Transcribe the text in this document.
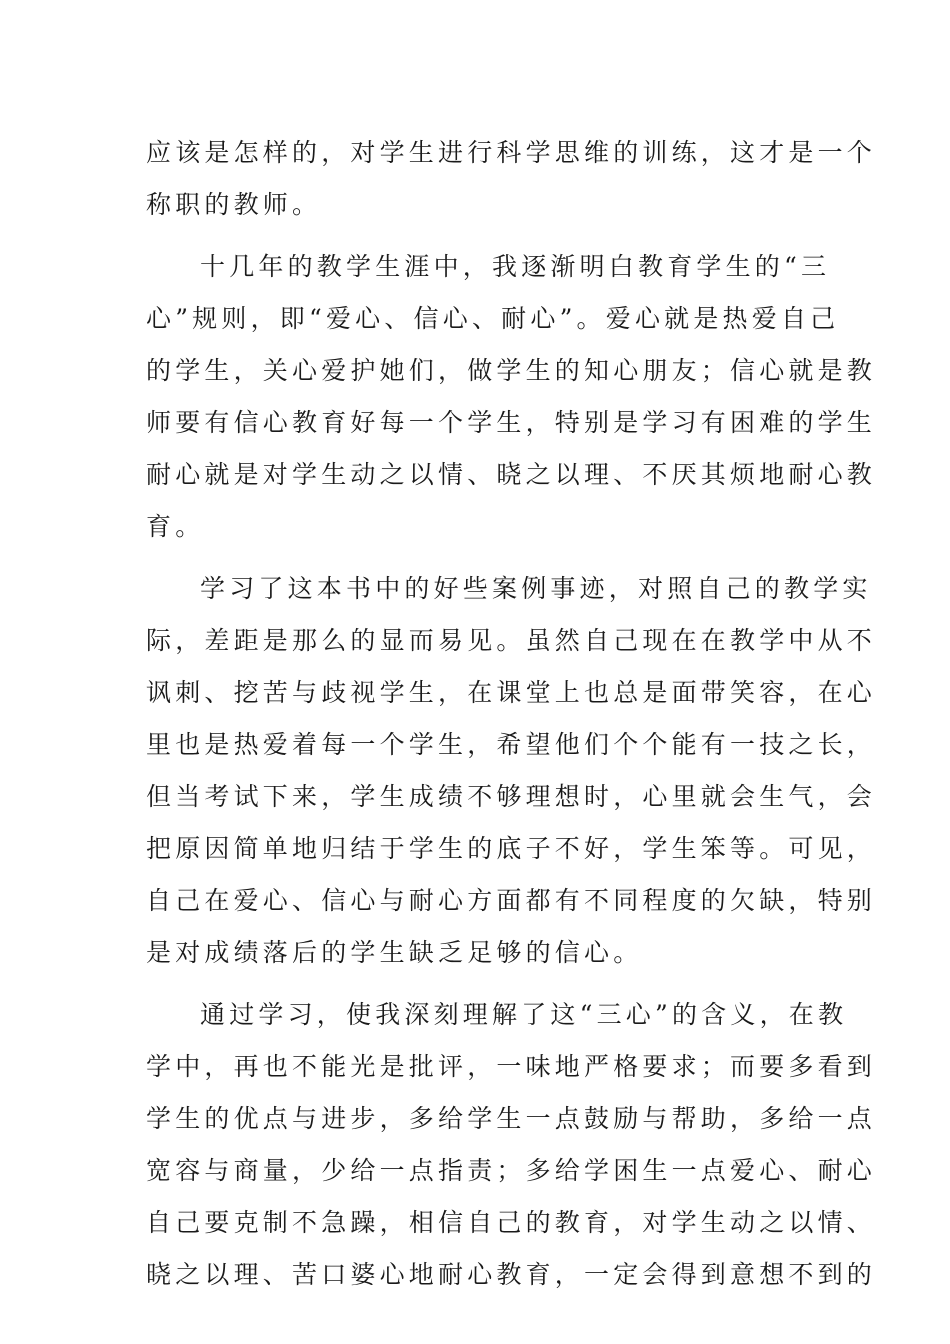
应该是怎样的，对学生进行科学思维的训练，这才是一个
称职的教师。
十几年的教学生涯中，我逐渐明白教育学生的“三
心”规则，即“爱心、信心、耐心”。爱心就是热爱自己
的学生，关心爱护她们，做学生的知心朋友；信心就是教
师要有信心教育好每一个学生，特别是学习有困难的学生
耐心就是对学生动之以情、晓之以理、不厌其烦地耐心教
育。
学习了这本书中的好些案例事迹，对照自己的教学实
际，差距是那么的显而易见。虽然自己现在在教学中从不
讽刺、挖苦与歧视学生，在课堂上也总是面带笑容，在心
里也是热爱着每一个学生，希望他们个个能有一技之长，
但当考试下来，学生成绩不够理想时，心里就会生气，会
把原因简单地归结于学生的底子不好，学生笨等。可见，
自己在爱心、信心与耐心方面都有不同程度的欠缺，特别
是对成绩落后的学生缺乏足够的信心。
通过学习，使我深刻理解了这“三心”的含义，在教
学中，再也不能光是批评，一味地严格要求；而要多看到
学生的优点与进步，多给学生一点鼓励与帮助，多给一点
宽容与商量，少给一点指责；多给学困生一点爱心、耐心
自己要克制不急躁，相信自己的教育，对学生动之以情、
晓之以理、苦口婆心地耐心教育，一定会得到意想不到的
